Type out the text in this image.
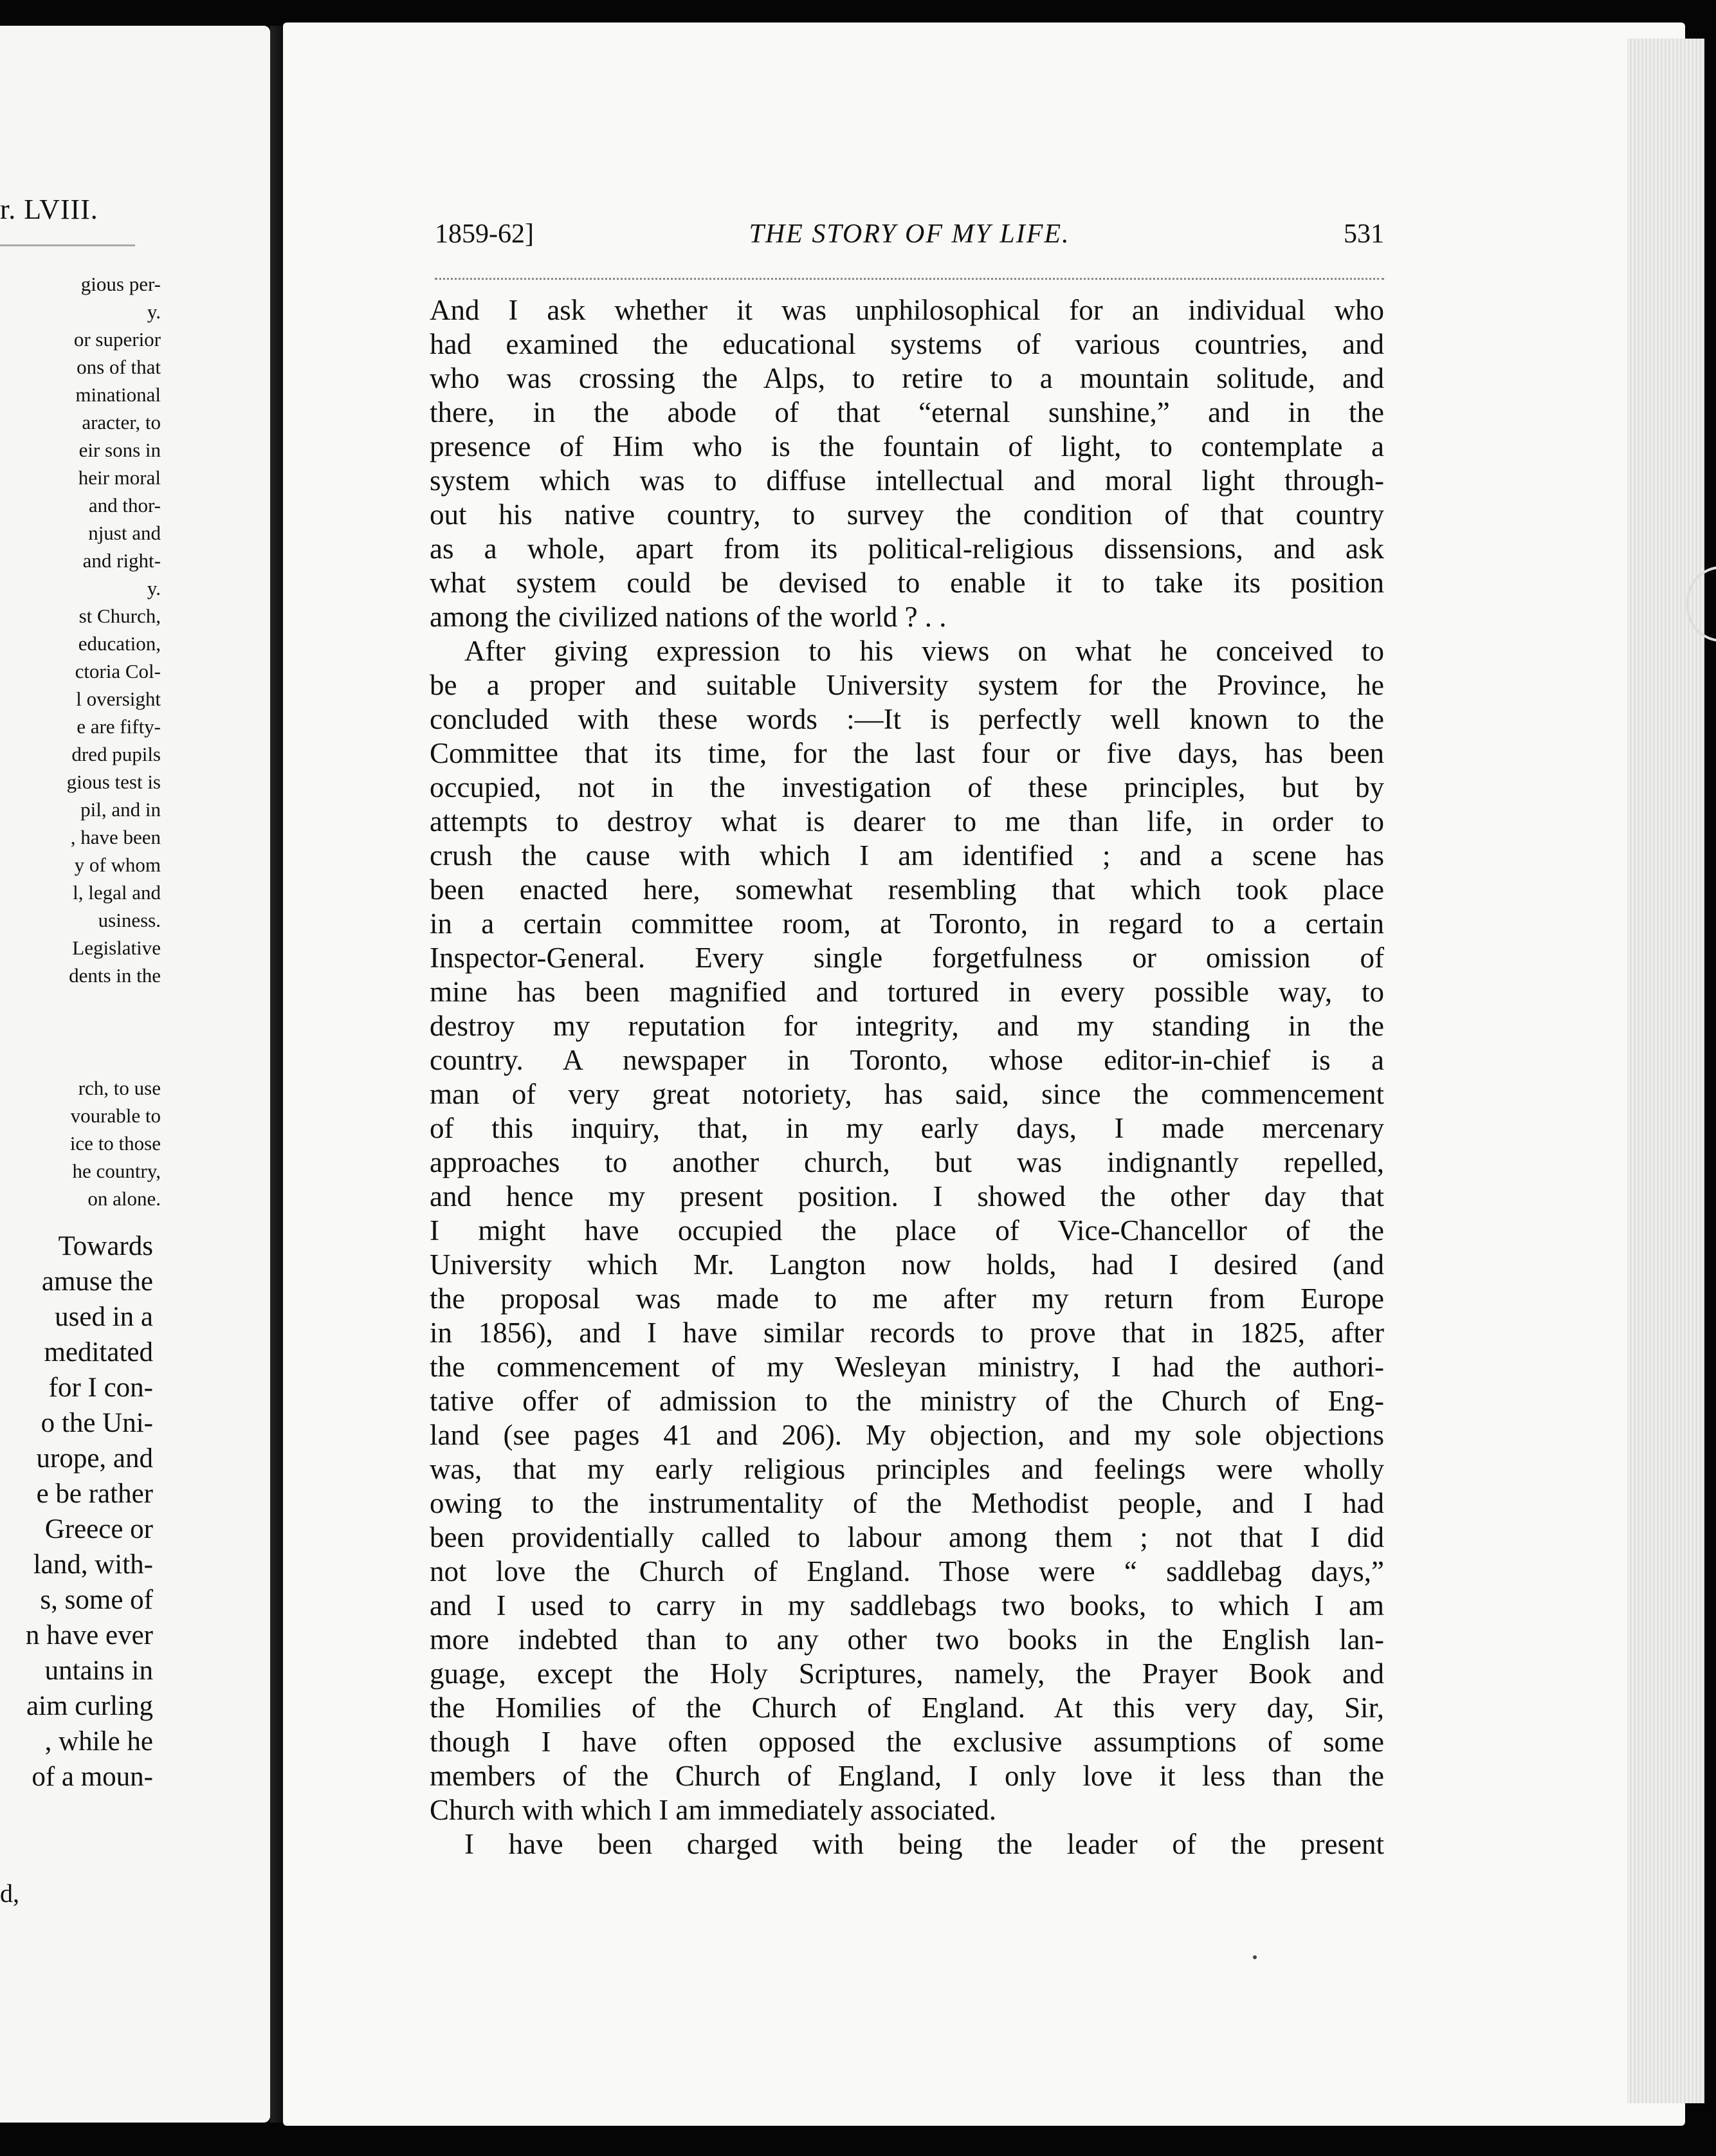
r. LVIII.
gious per-
y.
or superior
ons of that
minational
aracter, to
eir sons in
heir moral
and thor-
njust and
and right-
y.
st Church,
education,
ctoria Col-
l oversight
e are fifty-
dred pupils
gious test is
pil, and in
, have been
y of whom
l, legal and
usiness.
Legislative
dents in the
rch, to use
vourable to
ice to those
he country,
on alone.
Towards
amuse the
used in a
meditated
for I con-
o the Uni-
urope, and
e be rather
Greece or
land, with-
s, some of
n have ever
untains in
aim curling
, while he
of a moun-
d,
1859-62]	THE STORY OF MY LIFE.	531
And I ask whether it was unphilosophical for an individual who
had examined the educational systems of various countries, and
who was crossing the Alps, to retire to a mountain solitude, and
there, in the abode of that “eternal sunshine,” and in the
presence of Him who is the fountain of light, to contemplate a
system which was to diffuse intellectual and moral light through-
out his native country, to survey the condition of that country
as a whole, apart from its political-religious dissensions, and ask
what system could be devised to enable it to take its position
among the civilized nations of the world ? . .
After giving expression to his views on what he conceived to
be a proper and suitable University system for the Province, he
concluded with these words :—It is perfectly well known to the
Committee that its time, for the last four or five days, has been
occupied, not in the investigation of these principles, but by
attempts to destroy what is dearer to me than life, in order to
crush the cause with which I am identified ; and a scene has
been enacted here, somewhat resembling that which took place
in a certain committee room, at Toronto, in regard to a certain
Inspector-General. Every single forgetfulness or omission of
mine has been magnified and tortured in every possible way, to
destroy my reputation for integrity, and my standing in the
country. A newspaper in Toronto, whose editor-in-chief is a
man of very great notoriety, has said, since the commencement
of this inquiry, that, in my early days, I made mercenary
approaches to another church, but was indignantly repelled,
and hence my present position. I showed the other day that
I might have occupied the place of Vice-Chancellor of the
University which Mr. Langton now holds, had I desired (and
the proposal was made to me after my return from Europe
in 1856), and I have similar records to prove that in 1825, after
the commencement of my Wesleyan ministry, I had the authori-
tative offer of admission to the ministry of the Church of Eng-
land (see pages 41 and 206). My objection, and my sole objections
was, that my early religious principles and feelings were wholly
owing to the instrumentality of the Methodist people, and I had
been providentially called to labour among them ; not that I did
not love the Church of England. Those were “ saddlebag days,”
and I used to carry in my saddlebags two books, to which I am
more indebted than to any other two books in the English lan-
guage, except the Holy Scriptures, namely, the Prayer Book and
the Homilies of the Church of England. At this very day, Sir,
though I have often opposed the exclusive assumptions of some
members of the Church of England, I only love it less than the
Church with which I am immediately associated.
I have been charged with being the leader of the present
